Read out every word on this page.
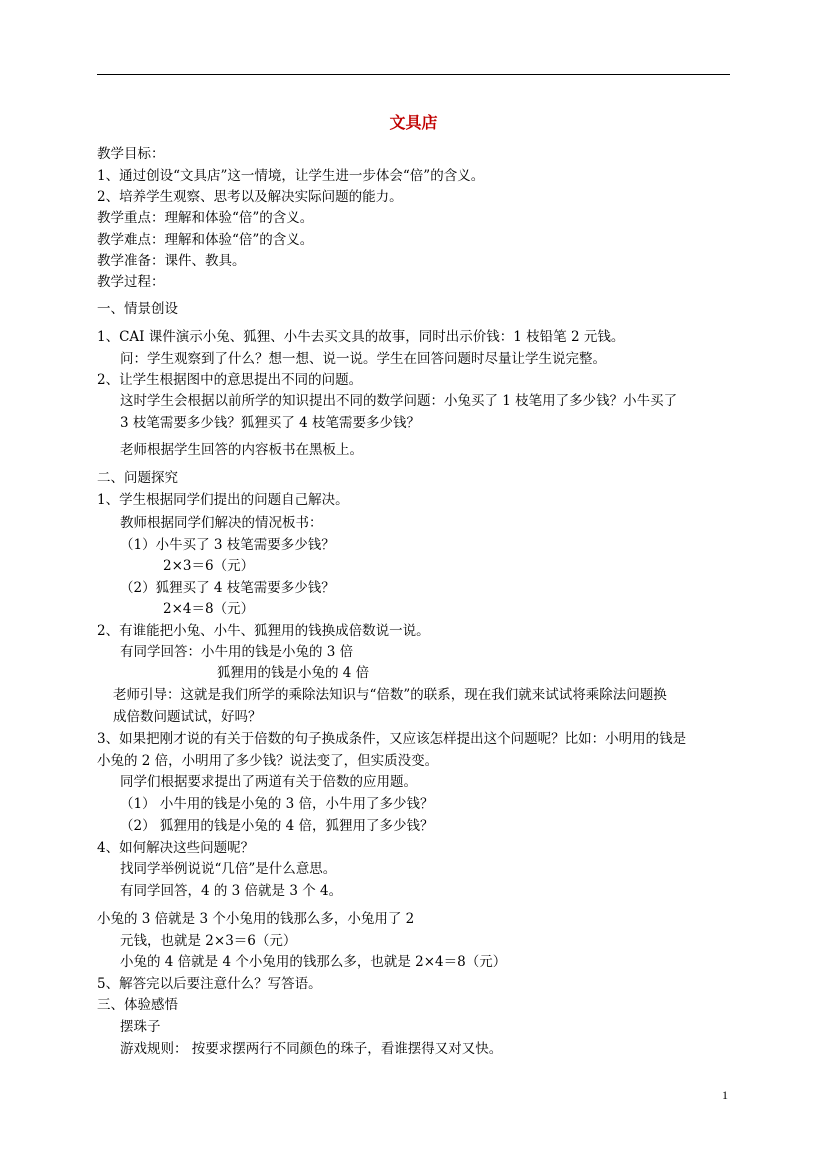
文具店
教学目标：
1、通过创设“文具店”这一情境，让学生进一步体会“倍”的含义。
2、培养学生观察、思考以及解决实际问题的能力。
教学重点：理解和体验“倍”的含义。
教学难点：理解和体验“倍”的含义。
教学准备：课件、教具。
教学过程：
一、情景创设
1、CAI 课件演示小兔、狐狸、小牛去买文具的故事，同时出示价钱：1 枝铅笔 2 元钱。
问：学生观察到了什么？想一想、说一说。学生在回答问题时尽量让学生说完整。
2、让学生根据图中的意思提出不同的问题。
这时学生会根据以前所学的知识提出不同的数学问题：小兔买了 1 枝笔用了多少钱？小牛买了
3 枝笔需要多少钱？狐狸买了 4 枝笔需要多少钱？
老师根据学生回答的内容板书在黑板上。
二、问题探究
1、学生根据同学们提出的问题自己解决。
教师根据同学们解决的情况板书：
（1）小牛买了 3 枝笔需要多少钱？
2×3＝6（元）
（2）狐狸买了 4 枝笔需要多少钱？
2×4＝8（元）
2、有谁能把小兔、小牛、狐狸用的钱换成倍数说一说。
有同学回答：小牛用的钱是小兔的 3 倍
狐狸用的钱是小兔的 4 倍
老师引导：这就是我们所学的乘除法知识与“倍数”的联系，现在我们就来试试将乘除法问题换
成倍数问题试试，好吗？
3、如果把刚才说的有关于倍数的句子换成条件，又应该怎样提出这个问题呢？比如：小明用的钱是
小兔的 2 倍，小明用了多少钱？说法变了，但实质没变。
同学们根据要求提出了两道有关于倍数的应用题。
（1） 小牛用的钱是小兔的 3 倍，小牛用了多少钱？
（2） 狐狸用的钱是小兔的 4 倍，狐狸用了多少钱？
4、如何解决这些问题呢？
找同学举例说说“几倍”是什么意思。
有同学回答，4 的 3 倍就是 3 个 4。
小兔的 3 倍就是 3 个小兔用的钱那么多，小兔用了 2
元钱，也就是 2×3＝6（元）
小兔的 4 倍就是 4 个小兔用的钱那么多，也就是 2×4＝8（元）
5、解答完以后要注意什么？写答语。
三、体验感悟
摆珠子
游戏规则： 按要求摆两行不同颜色的珠子，看谁摆得又对又快。
1
